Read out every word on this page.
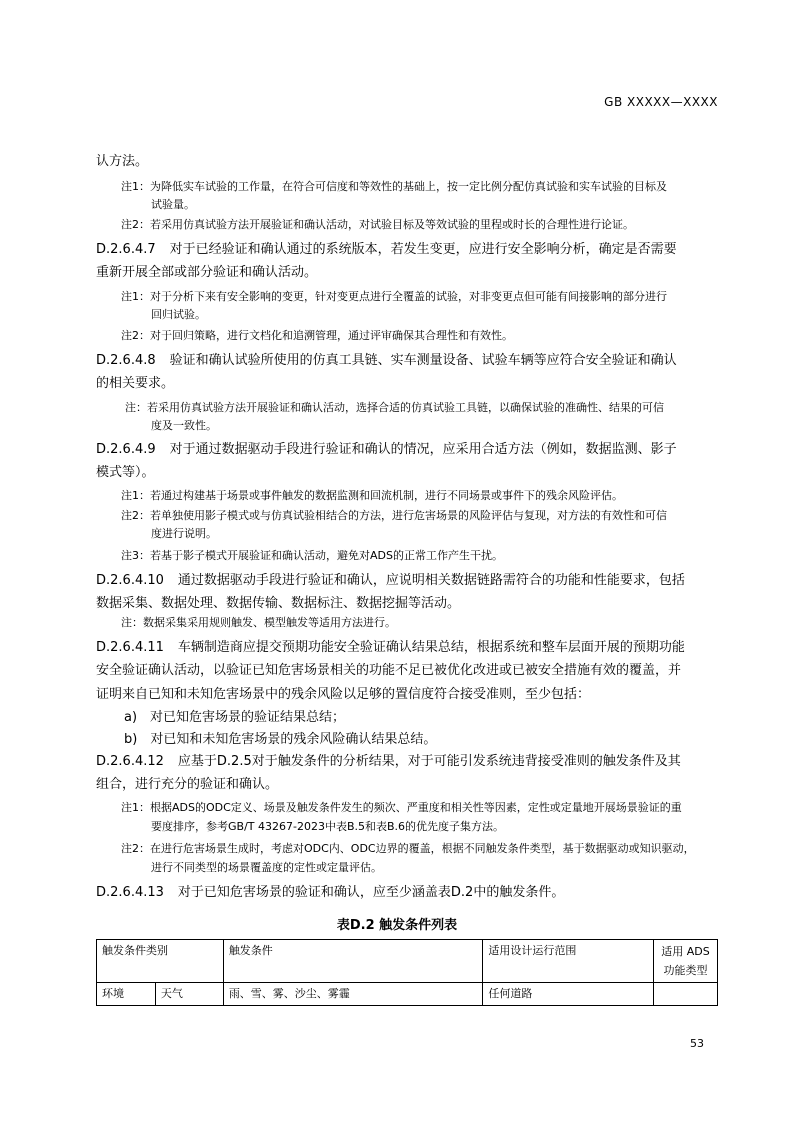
GB XXXXX—XXXX
认方法。
注1：为降低实车试验的工作量，在符合可信度和等效性的基础上，按一定比例分配仿真试验和实车试验的目标及
试验量。
注2：若采用仿真试验方法开展验证和确认活动，对试验目标及等效试验的里程或时长的合理性进行论证。
D.2.6.4.7 对于已经验证和确认通过的系统版本，若发生变更，应进行安全影响分析，确定是否需要
重新开展全部或部分验证和确认活动。
注1：对于分析下来有安全影响的变更，针对变更点进行全覆盖的试验，对非变更点但可能有间接影响的部分进行
回归试验。
注2：对于回归策略，进行文档化和追溯管理，通过评审确保其合理性和有效性。
D.2.6.4.8 验证和确认试验所使用的仿真工具链、实车测量设备、试验车辆等应符合安全验证和确认
的相关要求。
注：若采用仿真试验方法开展验证和确认活动，选择合适的仿真试验工具链，以确保试验的准确性、结果的可信
度及一致性。
D.2.6.4.9 对于通过数据驱动手段进行验证和确认的情况，应采用合适方法（例如，数据监测、影子
模式等）。
注1：若通过构建基于场景或事件触发的数据监测和回流机制，进行不同场景或事件下的残余风险评估。
注2：若单独使用影子模式或与仿真试验相结合的方法，进行危害场景的风险评估与复现，对方法的有效性和可信
度进行说明。
注3：若基于影子模式开展验证和确认活动，避免对ADS的正常工作产生干扰。
D.2.6.4.10 通过数据驱动手段进行验证和确认，应说明相关数据链路需符合的功能和性能要求，包括
数据采集、数据处理、数据传输、数据标注、数据挖掘等活动。
注：数据采集采用规则触发、模型触发等适用方法进行。
D.2.6.4.11 车辆制造商应提交预期功能安全验证确认结果总结，根据系统和整车层面开展的预期功能
安全验证确认活动，以验证已知危害场景相关的功能不足已被优化改进或已被安全措施有效的覆盖，并
证明来自已知和未知危害场景中的残余风险以足够的置信度符合接受准则，至少包括：
a)　对已知危害场景的验证结果总结；
b)　对已知和未知危害场景的残余风险确认结果总结。
D.2.6.4.12 应基于D.2.5对于触发条件的分析结果，对于可能引发系统违背接受准则的触发条件及其
组合，进行充分的验证和确认。
注1：根据ADS的ODC定义、场景及触发条件发生的频次、严重度和相关性等因素，定性或定量地开展场景验证的重
要度排序，参考GB/T 43267-2023中表B.5和表B.6的优先度子集方法。
注2：在进行危害场景生成时，考虑对ODC内、ODC边界的覆盖，根据不同触发条件类型，基于数据驱动或知识驱动，
进行不同类型的场景覆盖度的定性或定量评估。
D.2.6.4.13 对于已知危害场景的验证和确认，应至少涵盖表D.2中的触发条件。
表D.2 触发条件列表
触发条件类别		触发条件	适用设计运行范围	适用 ADS
功能类型
环境	天气	雨、雪、雾、沙尘、雾霾	任何道路	
53
